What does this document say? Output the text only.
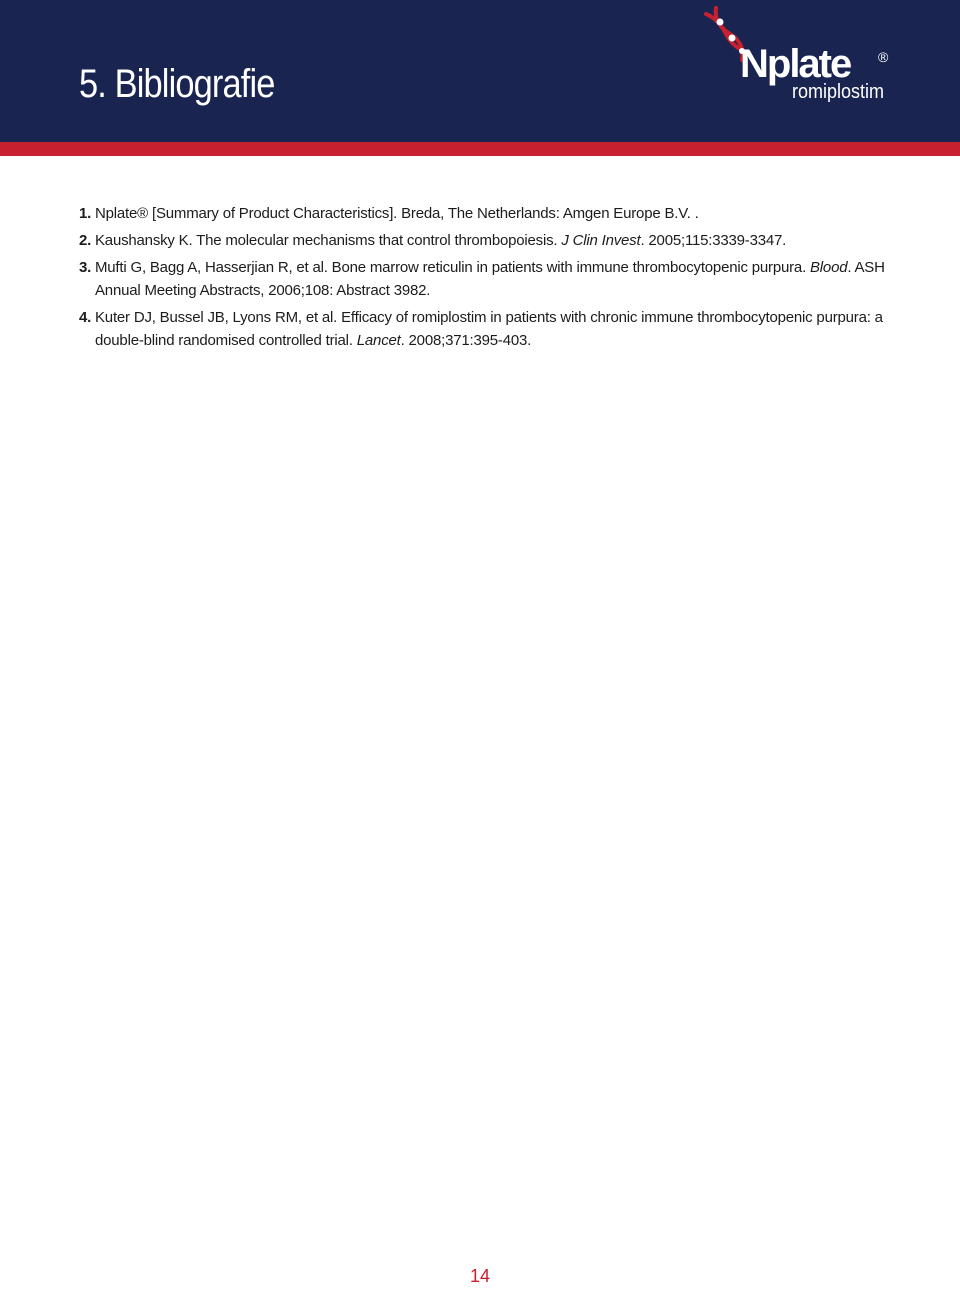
5. Bibliografie	Nplate ®
romiplostim
1. Nplate® [Summary of Product Characteristics]. Breda, The Netherlands: Amgen Europe B.V. .
2. Kaushansky K. The molecular mechanisms that control thrombopoiesis. J Clin Invest. 2005;115:3339-3347.
3. Mufti G, Bagg A, Hasserjian R, et al. Bone marrow reticulin in patients with immune thrombocytopenic purpura. Blood. ASH Annual Meeting Abstracts, 2006;108: Abstract 3982.
4. Kuter DJ, Bussel JB, Lyons RM, et al. Efficacy of romiplostim in patients with chronic immune thrombocytopenic purpura: a double-blind randomised controlled trial. Lancet. 2008;371:395-403.
14
